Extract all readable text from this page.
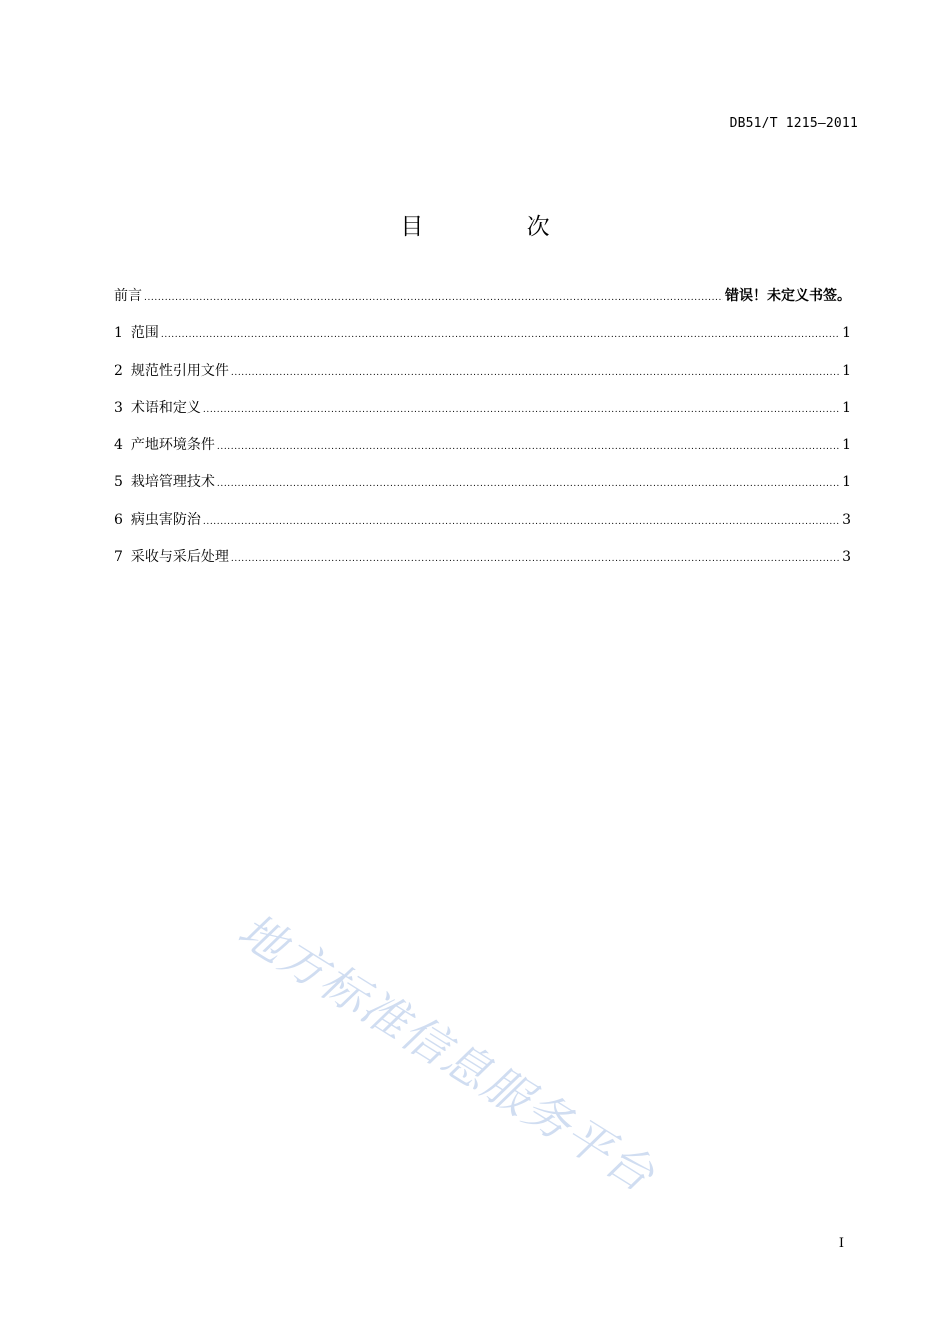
DB51/T 1215—2011
目 次
前言 .....	错误！未定义书签。
1 范围 .....	1
2 规范性引用文件 .....	1
3 术语和定义 .....	1
4 产地环境条件 .....	1
5 栽培管理技术 .....	1
6 病虫害防治 .....	3
7 采收与采后处理 .....	3
地方标准信息服务平台
I
